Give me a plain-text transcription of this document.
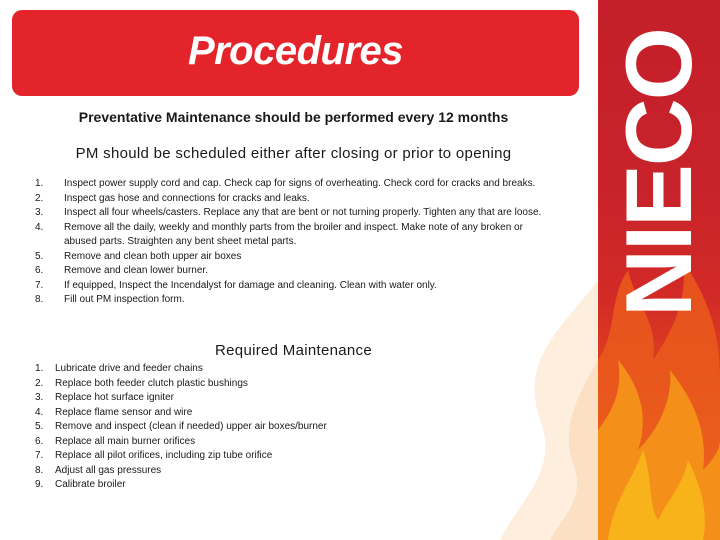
Procedures
Preventative Maintenance should be performed every 12 months
PM should be scheduled either after closing or prior to opening
1.	Inspect power supply cord and cap. Check cap for signs of overheating. Check cord for cracks and breaks.
2.	Inspect gas hose and connections for cracks and leaks.
3.	Inspect all four wheels/casters. Replace any that are bent or not turning properly. Tighten any that are loose.
4.	Remove all the daily, weekly and monthly parts from the broiler and inspect. Make note of any broken or abused parts. Straighten any bent sheet metal parts.
5.	Remove and clean both upper air boxes
6.	Remove and clean lower burner.
7.	If equipped, Inspect the Incendalyst for damage and cleaning. Clean with water only.
8.	Fill out PM inspection form.
Required Maintenance
1.	Lubricate drive and feeder chains
2.	Replace both feeder clutch plastic bushings
3.	Replace hot surface igniter
4.	Replace flame sensor and wire
5.	Remove and inspect (clean if needed) upper air boxes/burner
6.	Replace all main burner orifices
7.	Replace all pilot orifices, including zip tube orifice
8.	Adjust all gas pressures
9.	Calibrate broiler
NIECO
